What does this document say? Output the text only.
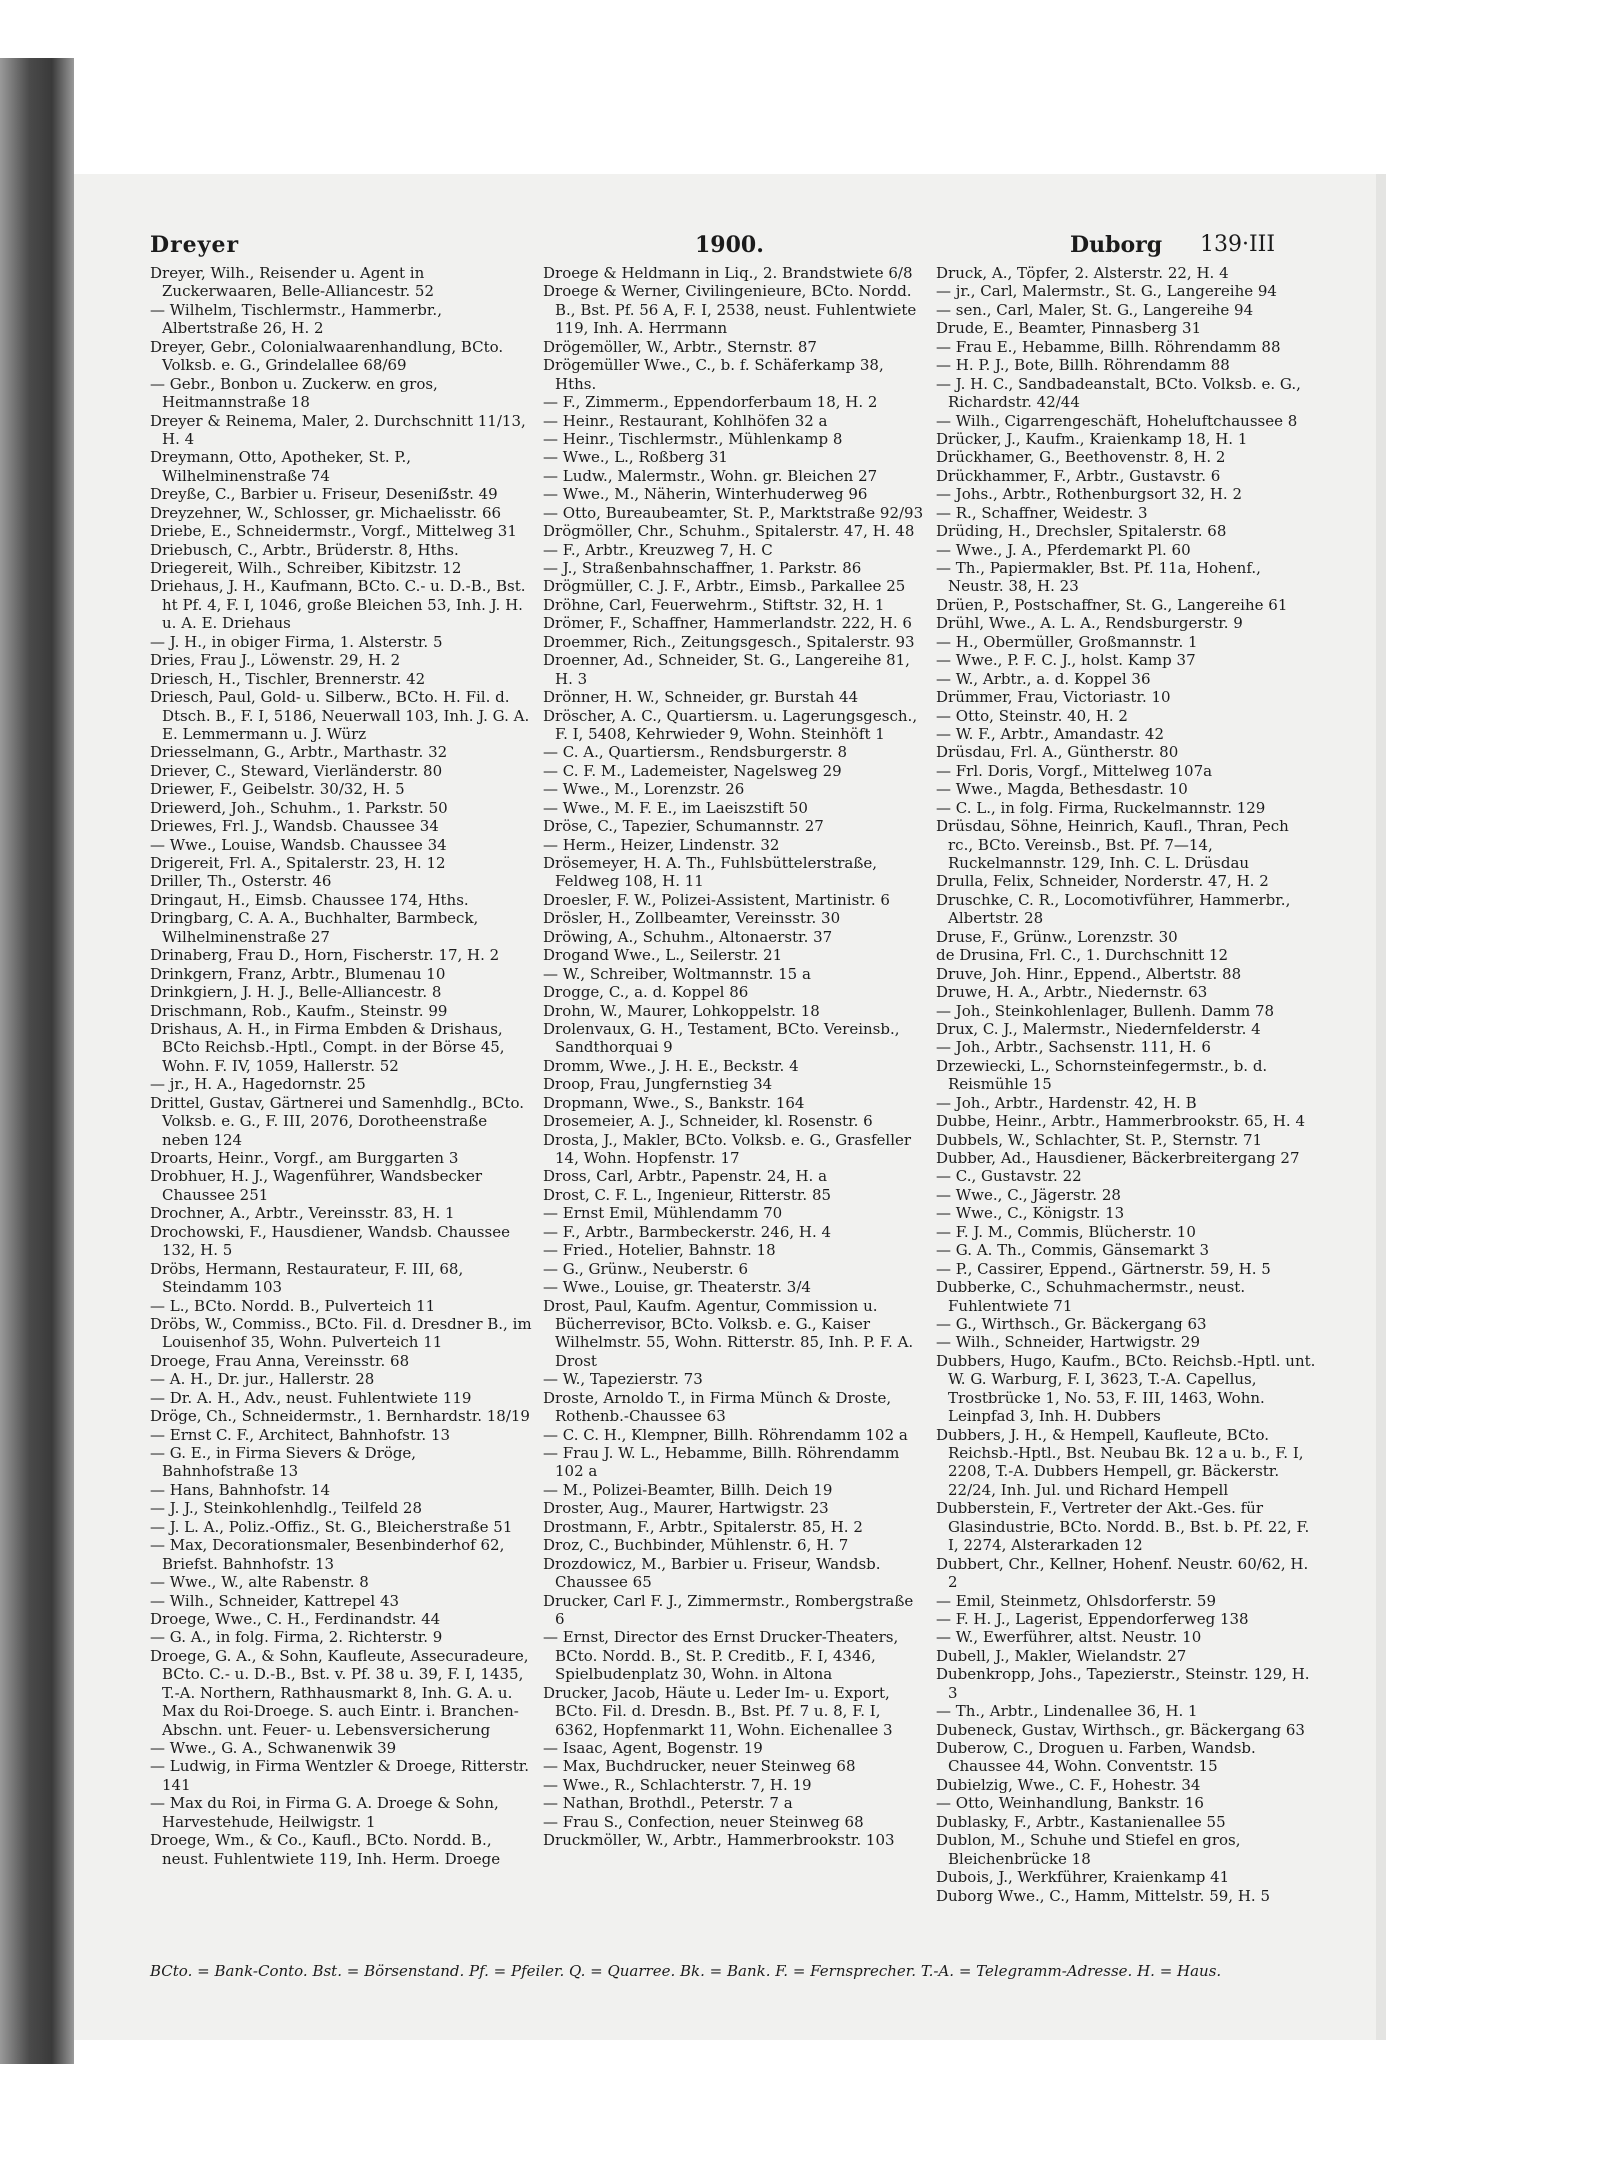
Dreyer	1900.	Duborg 139·III

Dreyer, Wilh., Reisender u. Agent in Zuckerwaaren, Belle-Alliancestr. 52

— Wilhelm, Tischlermstr., Hammerbr., Albertstraße 26, H. 2

Dreyer, Gebr., Colonialwaarenhandlung, BCto. Volksb. e. G., Grindelallee 68/69

— Gebr., Bonbon u. Zuckerw. en gros, Heitmannstraße 18

Dreyer & Reinema, Maler, 2. Durchschnitt 11/13, H. 4

Dreymann, Otto, Apotheker, St. P., Wilhelminenstraße 74

Dreyße, C., Barbier u. Friseur, Deseniẞstr. 49

Dreyzehner, W., Schlosser, gr. Michaelisstr. 66

Driebe, E., Schneidermstr., Vorgf., Mittelweg 31

Driebusch, C., Arbtr., Brüderstr. 8, Hths.

Driegereit, Wilh., Schreiber, Kibitzstr. 12

Driehaus, J. H., Kaufmann, BCto. C.- u. D.-B., Bst. ht Pf. 4, F. I, 1046, große Bleichen 53, Inh. J. H. u. A. E. Driehaus

— J. H., in obiger Firma, 1. Alsterstr. 5

Dries, Frau J., Löwenstr. 29, H. 2

Driesch, H., Tischler, Brennerstr. 42

Driesch, Paul, Gold- u. Silberw., BCto. H. Fil. d. Dtsch. B., F. I, 5186, Neuerwall 103, Inh. J. G. A. E. Lemmermann u. J. Würz

Driesselmann, G., Arbtr., Marthastr. 32

Driever, C., Steward, Vierländerstr. 80

Driewer, F., Geibelstr. 30/32, H. 5

Driewerd, Joh., Schuhm., 1. Parkstr. 50

Driewes, Frl. J., Wandsb. Chaussee 34

— Wwe., Louise, Wandsb. Chaussee 34

Drigereit, Frl. A., Spitalerstr. 23, H. 12

Driller, Th., Osterstr. 46

Dringaut, H., Eimsb. Chaussee 174, Hths.

Dringbarg, C. A. A., Buchhalter, Barmbeck, Wilhelminenstraße 27

Drinaberg, Frau D., Horn, Fischerstr. 17, H. 2

Drinkgern, Franz, Arbtr., Blumenau 10

Drinkgiern, J. H. J., Belle-Alliancestr. 8

Drischmann, Rob., Kaufm., Steinstr. 99

Drishaus, A. H., in Firma Embden & Drishaus, BCto Reichsb.-Hptl., Compt. in der Börse 45, Wohn. F. IV, 1059, Hallerstr. 52

— jr., H. A., Hagedornstr. 25

Drittel, Gustav, Gärtnerei und Samenhdlg., BCto. Volksb. e. G., F. III, 2076, Dorotheenstraße neben 124

Droarts, Heinr., Vorgf., am Burggarten 3

Drobhuer, H. J., Wagenführer, Wandsbecker Chaussee 251

Drochner, A., Arbtr., Vereinsstr. 83, H. 1

Drochowski, F., Hausdiener, Wandsb. Chaussee 132, H. 5

Dröbs, Hermann, Restaurateur, F. III, 68, Steindamm 103

— L., BCto. Nordd. B., Pulverteich 11

Dröbs, W., Commiss., BCto. Fil. d. Dresdner B., im Louisenhof 35, Wohn. Pulverteich 11

Droege, Frau Anna, Vereinsstr. 68

— A. H., Dr. jur., Hallerstr. 28

— Dr. A. H., Adv., neust. Fuhlentwiete 119

Dröge, Ch., Schneidermstr., 1. Bernhardstr. 18/19

— Ernst C. F., Architect, Bahnhofstr. 13

— G. E., in Firma Sievers & Dröge, Bahnhofstraße 13

— Hans, Bahnhofstr. 14

— J. J., Steinkohlenhdlg., Teilfeld 28

— J. L. A., Poliz.-Offiz., St. G., Bleicherstraße 51

— Max, Decorationsmaler, Besenbinderhof 62, Briefst. Bahnhofstr. 13

— Wwe., W., alte Rabenstr. 8

— Wilh., Schneider, Kattrepel 43

Droege, Wwe., C. H., Ferdinandstr. 44

— G. A., in folg. Firma, 2. Richterstr. 9

Droege, G. A., & Sohn, Kaufleute, Assecuradeure, BCto. C.- u. D.-B., Bst. v. Pf. 38 u. 39, F. I, 1435, T.-A. Northern, Rathhausmarkt 8, Inh. G. A. u. Max du Roi-Droege. S. auch Eintr. i. Branchen-Abschn. unt. Feuer- u. Lebensversicherung

— Wwe., G. A., Schwanenwik 39

— Ludwig, in Firma Wentzler & Droege, Ritterstr. 141

— Max du Roi, in Firma G. A. Droege & Sohn, Harvestehude, Heilwigstr. 1

Droege, Wm., & Co., Kaufl., BCto. Nordd. B., neust. Fuhlentwiete 119, Inh. Herm. Droege

Droege & Heldmann in Liq., 2. Brandstwiete 6/8

Droege & Werner, Civilingenieure, BCto. Nordd. B., Bst. Pf. 56 A, F. I, 2538, neust. Fuhlentwiete 119, Inh. A. Herrmann

Drögemöller, W., Arbtr., Sternstr. 87

Drögemüller Wwe., C., b. f. Schäferkamp 38, Hths.

— F., Zimmerm., Eppendorferbaum 18, H. 2

— Heinr., Restaurant, Kohlhöfen 32 a

— Heinr., Tischlermstr., Mühlenkamp 8

— Wwe., L., Roßberg 31

— Ludw., Malermstr., Wohn. gr. Bleichen 27

— Wwe., M., Näherin, Winterhuderweg 96

— Otto, Bureaubeamter, St. P., Marktstraße 92/93

Drögmöller, Chr., Schuhm., Spitalerstr. 47, H. 48

— F., Arbtr., Kreuzweg 7, H. C

— J., Straßenbahnschaffner, 1. Parkstr. 86

Drögmüller, C. J. F., Arbtr., Eimsb., Parkallee 25

Dröhne, Carl, Feuerwehrm., Stiftstr. 32, H. 1

Drömer, F., Schaffner, Hammerlandstr. 222, H. 6

Droemmer, Rich., Zeitungsgesch., Spitalerstr. 93

Droenner, Ad., Schneider, St. G., Langereihe 81, H. 3

Drönner, H. W., Schneider, gr. Burstah 44

Dröscher, A. C., Quartiersm. u. Lagerungsgesch., F. I, 5408, Kehrwieder 9, Wohn. Steinhöft 1

— C. A., Quartiersm., Rendsburgerstr. 8

— C. F. M., Lademeister, Nagelsweg 29

— Wwe., M., Lorenzstr. 26

— Wwe., M. F. E., im Laeiszstift 50

Dröse, C., Tapezier, Schumannstr. 27

— Herm., Heizer, Lindenstr. 32

Drösemeyer, H. A. Th., Fuhlsbüttelerstraße, Feldweg 108, H. 11

Droesler, F. W., Polizei-Assistent, Martinistr. 6

Drösler, H., Zollbeamter, Vereinsstr. 30

Dröwing, A., Schuhm., Altonaerstr. 37

Drogand Wwe., L., Seilerstr. 21

— W., Schreiber, Woltmannstr. 15 a

Drogge, C., a. d. Koppel 86

Drohn, W., Maurer, Lohkoppelstr. 18

Drolenvaux, G. H., Testament, BCto. Vereinsb., Sandthorquai 9

Dromm, Wwe., J. H. E., Beckstr. 4

Droop, Frau, Jungfernstieg 34

Dropmann, Wwe., S., Bankstr. 164

Drosemeier, A. J., Schneider, kl. Rosenstr. 6

Drosta, J., Makler, BCto. Volksb. e. G., Grasfeller 14, Wohn. Hopfenstr. 17

Dross, Carl, Arbtr., Papenstr. 24, H. a

Drost, C. F. L., Ingenieur, Ritterstr. 85

— Ernst Emil, Mühlendamm 70

— F., Arbtr., Barmbeckerstr. 246, H. 4

— Fried., Hotelier, Bahnstr. 18

— G., Grünw., Neuberstr. 6

— Wwe., Louise, gr. Theaterstr. 3/4

Drost, Paul, Kaufm. Agentur, Commission u. Bücherrevisor, BCto. Volksb. e. G., Kaiser Wilhelmstr. 55, Wohn. Ritterstr. 85, Inh. P. F. A. Drost

— W., Tapezierstr. 73

Droste, Arnoldo T., in Firma Münch & Droste, Rothenb.-Chaussee 63

— C. C. H., Klempner, Billh. Röhrendamm 102 a

— Frau J. W. L., Hebamme, Billh. Röhrendamm 102 a

— M., Polizei-Beamter, Billh. Deich 19

Droster, Aug., Maurer, Hartwigstr. 23

Drostmann, F., Arbtr., Spitalerstr. 85, H. 2

Droz, C., Buchbinder, Mühlenstr. 6, H. 7

Drozdowicz, M., Barbier u. Friseur, Wandsb. Chaussee 65

Drucker, Carl F. J., Zimmermstr., Rombergstraße 6

— Ernst, Director des Ernst Drucker-Theaters, BCto. Nordd. B., St. P. Creditb., F. I, 4346, Spielbudenplatz 30, Wohn. in Altona

Drucker, Jacob, Häute u. Leder Im- u. Export, BCto. Fil. d. Dresdn. B., Bst. Pf. 7 u. 8, F. I, 6362, Hopfenmarkt 11, Wohn. Eichenallee 3

— Isaac, Agent, Bogenstr. 19

— Max, Buchdrucker, neuer Steinweg 68

— Wwe., R., Schlachterstr. 7, H. 19

— Nathan, Brothdl., Peterstr. 7 a

— Frau S., Confection, neuer Steinweg 68

Druckmöller, W., Arbtr., Hammerbrookstr. 103

Druck, A., Töpfer, 2. Alsterstr. 22, H. 4

— jr., Carl, Malermstr., St. G., Langereihe 94

— sen., Carl, Maler, St. G., Langereihe 94

Drude, E., Beamter, Pinnasberg 31

— Frau E., Hebamme, Billh. Röhrendamm 88

— H. P. J., Bote, Billh. Röhrendamm 88

— J. H. C., Sandbadeanstalt, BCto. Volksb. e. G., Richardstr. 42/44

— Wilh., Cigarrengeschäft, Hoheluftchaussee 8

Drücker, J., Kaufm., Kraienkamp 18, H. 1

Drückhamer, G., Beethovenstr. 8, H. 2

Drückhammer, F., Arbtr., Gustavstr. 6

— Johs., Arbtr., Rothenburgsort 32, H. 2

— R., Schaffner, Weidestr. 3

Drüding, H., Drechsler, Spitalerstr. 68

— Wwe., J. A., Pferdemarkt Pl. 60

— Th., Papiermakler, Bst. Pf. 11a, Hohenf., Neustr. 38, H. 23

Drüen, P., Postschaffner, St. G., Langereihe 61

Drühl, Wwe., A. L. A., Rendsburgerstr. 9

— H., Obermüller, Großmannstr. 1

— Wwe., P. F. C. J., holst. Kamp 37

— W., Arbtr., a. d. Koppel 36

Drümmer, Frau, Victoriastr. 10

— Otto, Steinstr. 40, H. 2

— W. F., Arbtr., Amandastr. 42

Drüsdau, Frl. A., Güntherstr. 80

— Frl. Doris, Vorgf., Mittelweg 107a

— Wwe., Magda, Bethesdastr. 10

— C. L., in folg. Firma, Ruckelmannstr. 129

Drüsdau, Söhne, Heinrich, Kaufl., Thran, Pech rc., BCto. Vereinsb., Bst. Pf. 7—14, Ruckelmannstr. 129, Inh. C. L. Drüsdau

Drulla, Felix, Schneider, Norderstr. 47, H. 2

Druschke, C. R., Locomotivführer, Hammerbr., Albertstr. 28

Druse, F., Grünw., Lorenzstr. 30

de Drusina, Frl. C., 1. Durchschnitt 12

Druve, Joh. Hinr., Eppend., Albertstr. 88

Druwe, H. A., Arbtr., Niedernstr. 63

— Joh., Steinkohlenlager, Bullenh. Damm 78

Drux, C. J., Malermstr., Niedernfelderstr. 4

— Joh., Arbtr., Sachsenstr. 111, H. 6

Drzewiecki, L., Schornsteinfegermstr., b. d. Reismühle 15

— Joh., Arbtr., Hardenstr. 42, H. B

Dubbe, Heinr., Arbtr., Hammerbrookstr. 65, H. 4

Dubbels, W., Schlachter, St. P., Sternstr. 71

Dubber, Ad., Hausdiener, Bäckerbreitergang 27

— C., Gustavstr. 22

— Wwe., C., Jägerstr. 28

— Wwe., C., Königstr. 13

— F. J. M., Commis, Blücherstr. 10

— G. A. Th., Commis, Gänsemarkt 3

— P., Cassirer, Eppend., Gärtnerstr. 59, H. 5

Dubberke, C., Schuhmachermstr., neust. Fuhlentwiete 71

— G., Wirthsch., Gr. Bäckergang 63

— Wilh., Schneider, Hartwigstr. 29

Dubbers, Hugo, Kaufm., BCto. Reichsb.-Hptl. unt. W. G. Warburg, F. I, 3623, T.-A. Capellus, Trostbrücke 1, No. 53, F. III, 1463, Wohn. Leinpfad 3, Inh. H. Dubbers

Dubbers, J. H., & Hempell, Kaufleute, BCto. Reichsb.-Hptl., Bst. Neubau Bk. 12 a u. b., F. I, 2208, T.-A. Dubbers Hempell, gr. Bäckerstr. 22/24, Inh. Jul. und Richard Hempell

Dubberstein, F., Vertreter der Akt.-Ges. für Glasindustrie, BCto. Nordd. B., Bst. b. Pf. 22, F. I, 2274, Alsterarkaden 12

Dubbert, Chr., Kellner, Hohenf. Neustr. 60/62, H. 2

— Emil, Steinmetz, Ohlsdorferstr. 59

— F. H. J., Lagerist, Eppendorferweg 138

— W., Ewerführer, altst. Neustr. 10

Dubell, J., Makler, Wielandstr. 27

Dubenkropp, Johs., Tapezierstr., Steinstr. 129, H. 3

— Th., Arbtr., Lindenallee 36, H. 1

Dubeneck, Gustav, Wirthsch., gr. Bäckergang 63

Duberow, C., Droguen u. Farben, Wandsb. Chaussee 44, Wohn. Conventstr. 15

Dubielzig, Wwe., C. F., Hohestr. 34

— Otto, Weinhandlung, Bankstr. 16

Dublasky, F., Arbtr., Kastanienallee 55

Dublon, M., Schuhe und Stiefel en gros, Bleichenbrücke 18

Dubois, J., Werkführer, Kraienkamp 41

Duborg Wwe., C., Hamm, Mittelstr. 59, H. 5

BCto. = Bank-Conto. Bst. = Börsenstand. Pf. = Pfeiler. Q. = Quarree. Bk. = Bank. F. = Fernsprecher. T.-A. = Telegramm-Adresse. H. = Haus.
